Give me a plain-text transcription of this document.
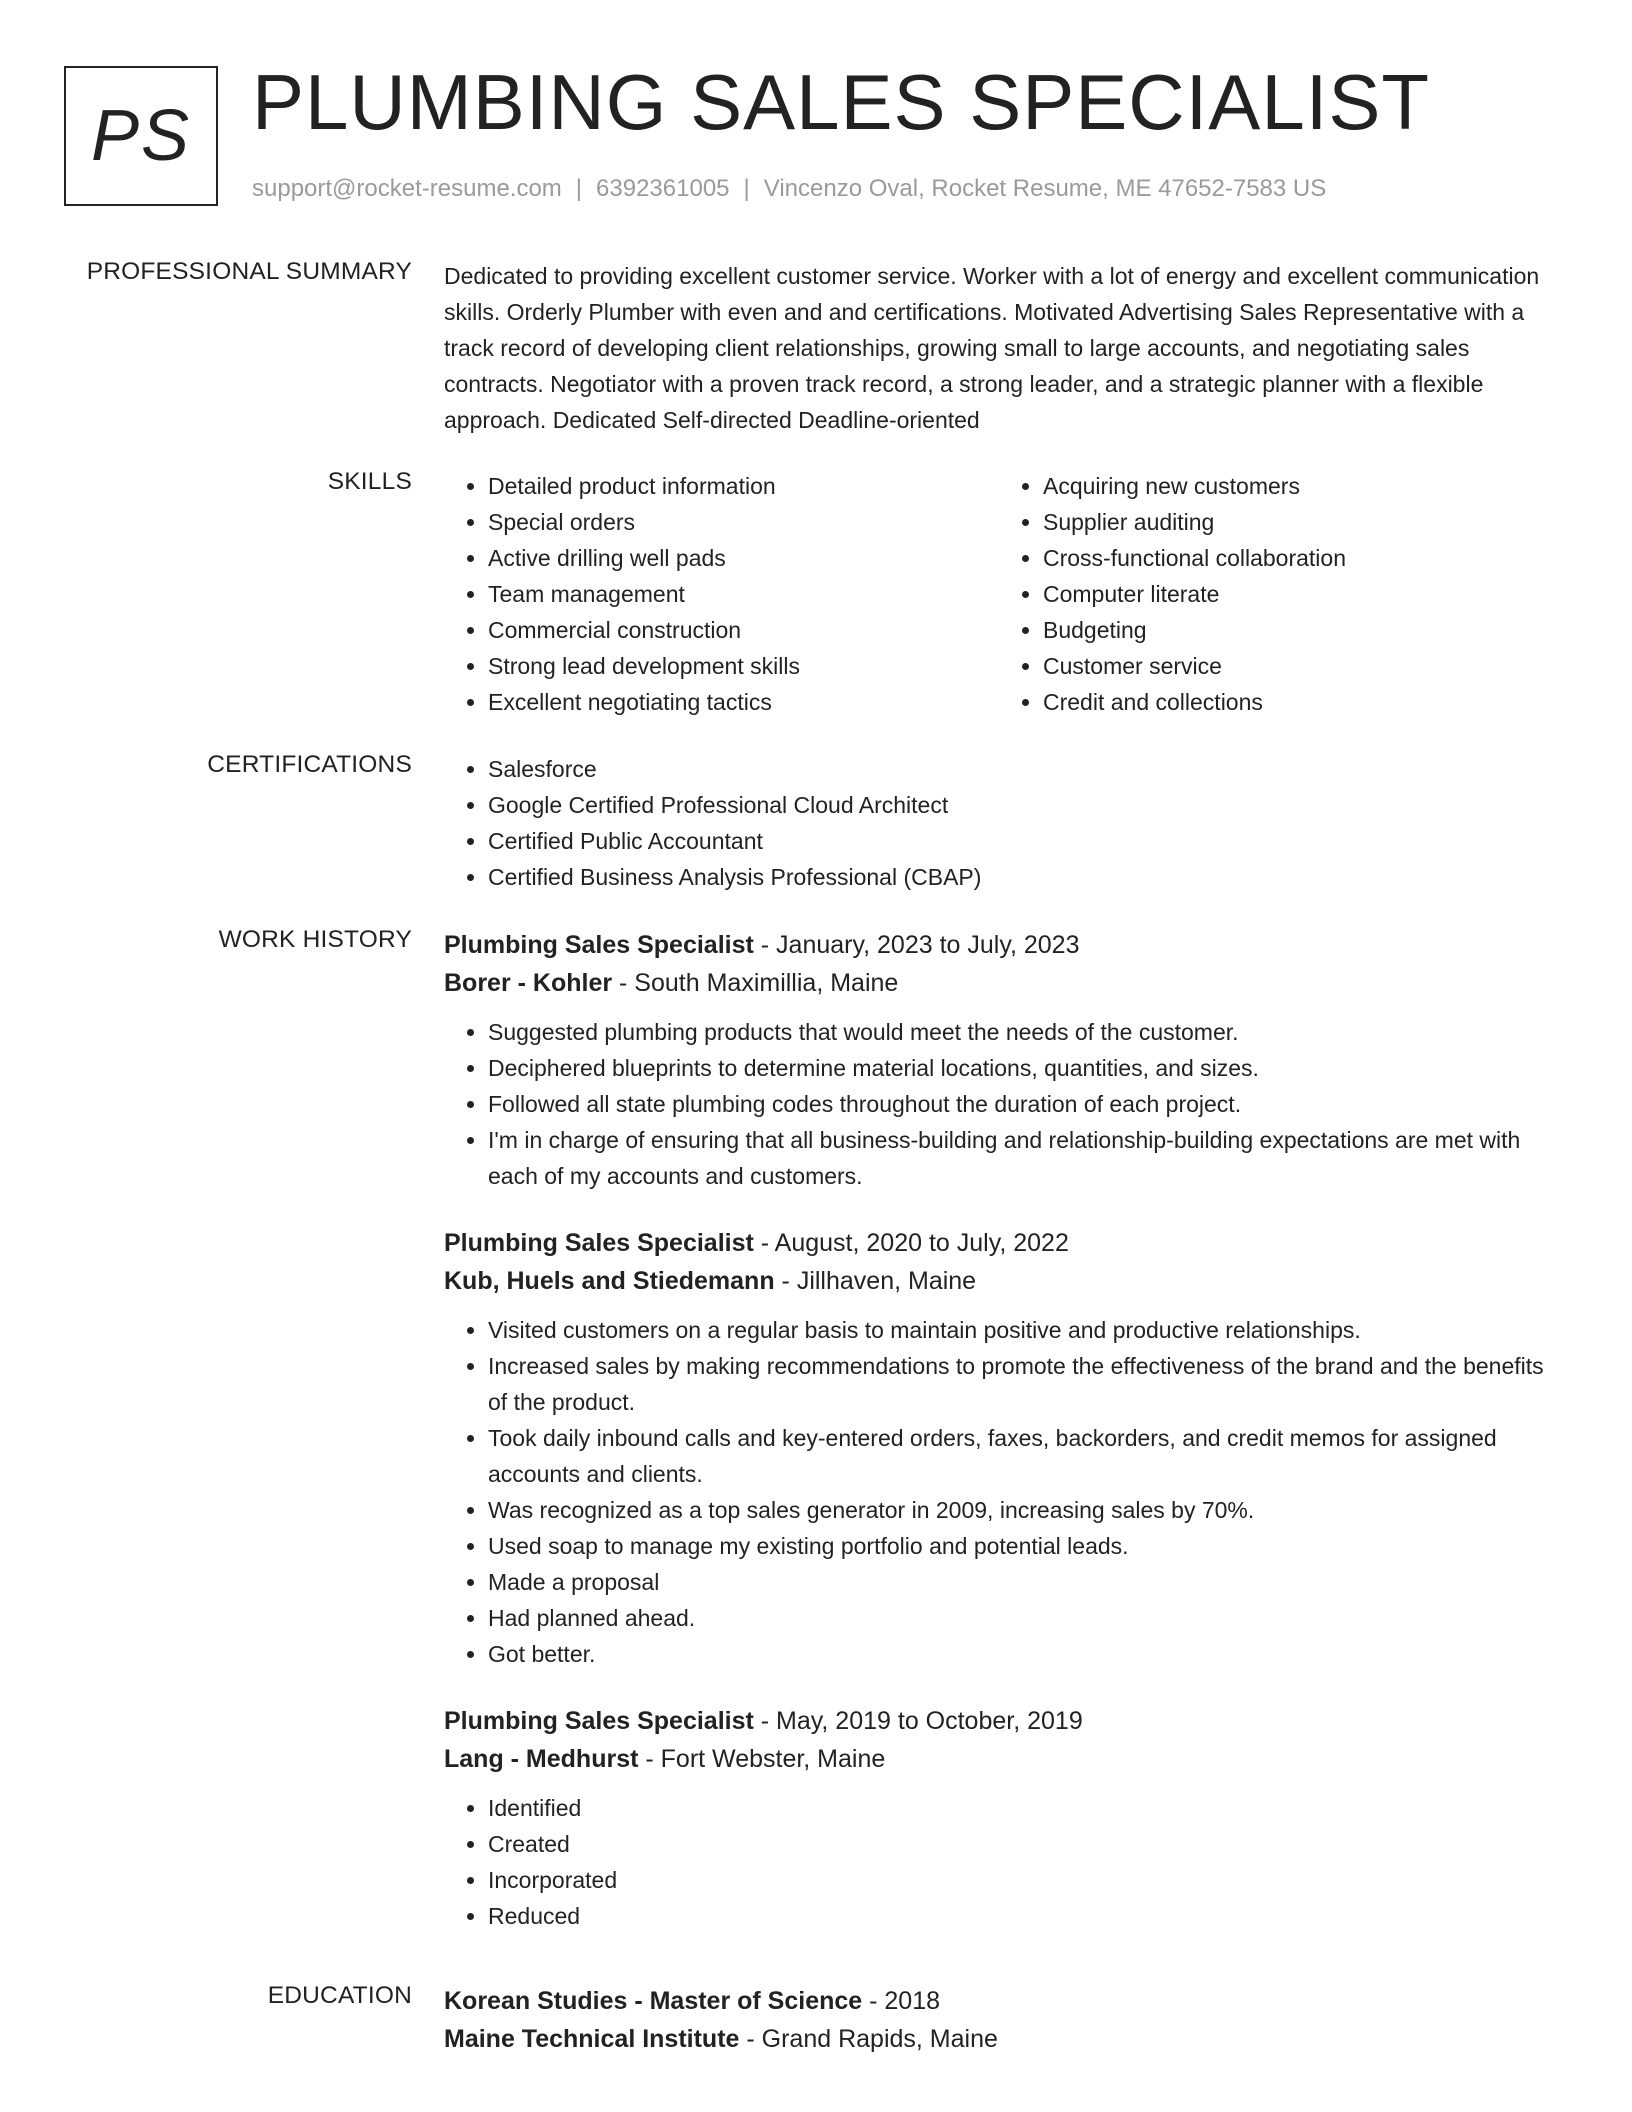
PS PLUMBING SALES SPECIALIST
support@rocket-resume.com | 6392361005 | Vincenzo Oval, Rocket Resume, ME 47652-7583 US
PROFESSIONAL SUMMARY Dedicated to providing excellent customer service. Worker with a lot of energy and excellent communication skills. Orderly Plumber with even and and certifications. Motivated Advertising Sales Representative with a track record of developing client relationships, growing small to large accounts, and negotiating sales contracts. Negotiator with a proven track record, a strong leader, and a strategic planner with a flexible approach. Dedicated Self-directed Deadline-oriented

SKILLS	• Detailed product information
• Special orders
• Active drilling well pads
• Team management
• Commercial construction
• Strong lead development skills
• Excellent negotiating tactics
• Acquiring new customers
• Supplier auditing
• Cross-functional collaboration
• Computer literate
• Budgeting
• Customer service
• Credit and collections
CERTIFICATIONS	• Salesforce
• Google Certified Professional Cloud Architect
• Certified Public Accountant
• Certified Business Analysis Professional (CBAP)
WORK HISTORY Plumbing Sales Specialist - January, 2023 to July, 2023
Borer - Kohler - South Maximillia, Maine
• Suggested plumbing products that would meet the needs of the customer.
• Deciphered blueprints to determine material locations, quantities, and sizes.
• Followed all state plumbing codes throughout the duration of each project.
• I'm in charge of ensuring that all business-building and relationship-building expectations are met with each of my accounts and customers.
Plumbing Sales Specialist - August, 2020 to July, 2022
Kub, Huels and Stiedemann - Jillhaven, Maine
• Visited customers on a regular basis to maintain positive and productive relationships.
• Increased sales by making recommendations to promote the effectiveness of the brand and the benefits of the product.
• Took daily inbound calls and key-entered orders, faxes, backorders, and credit memos for assigned accounts and clients.
• Was recognized as a top sales generator in 2009, increasing sales by 70%.
• Used soap to manage my existing portfolio and potential leads.
• Made a proposal
• Had planned ahead.
• Got better.
Plumbing Sales Specialist - May, 2019 to October, 2019
Lang - Medhurst - Fort Webster, Maine
• Identified
• Created
• Incorporated
• Reduced
EDUCATION Korean Studies - Master of Science - 2018
Maine Technical Institute - Grand Rapids, Maine
